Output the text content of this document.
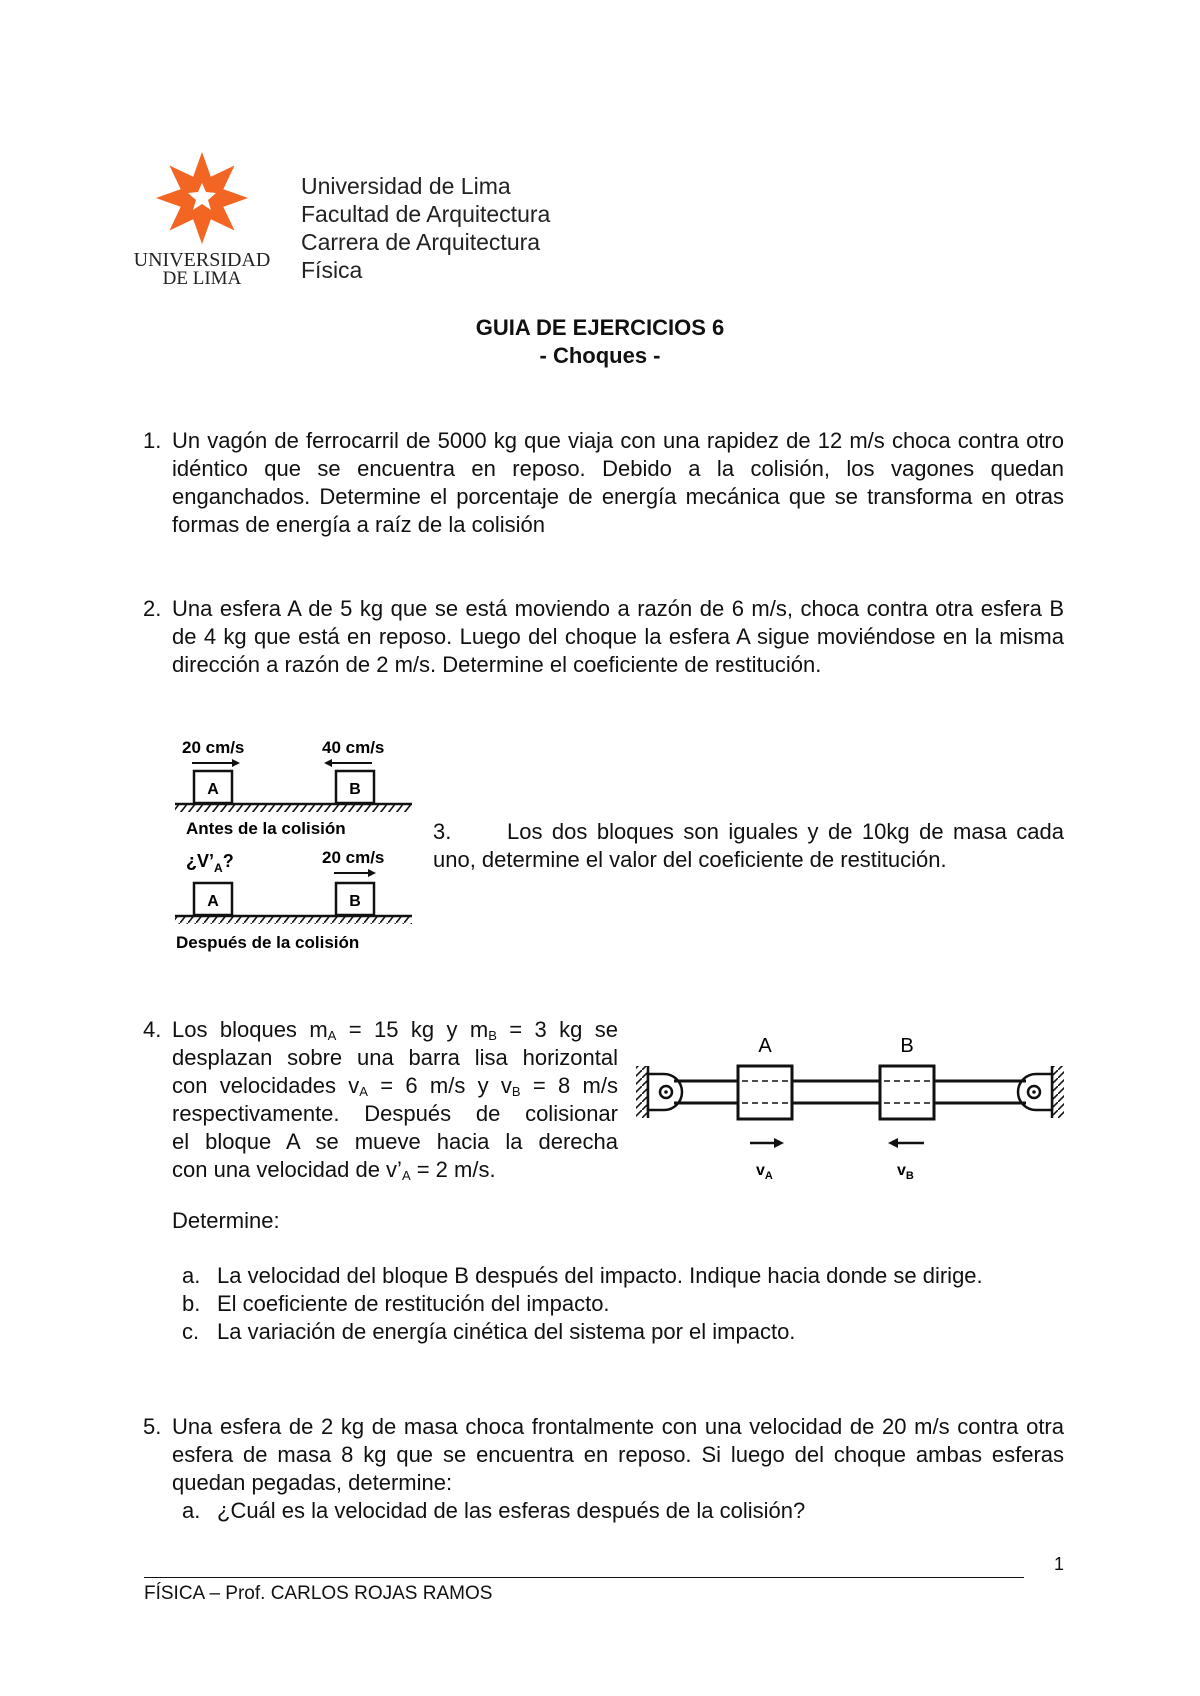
UNIVERSIDAD
DE LIMA
Universidad de Lima
Facultad de Arquitectura
Carrera de Arquitectura
Física
GUIA DE EJERCICIOS 6
- Choques -
1. Un vagón de ferrocarril de 5000 kg que viaja con una rapidez de 12 m/s choca contra otro idéntico que se encuentra en reposo. Debido a la colisión, los vagones quedan enganchados. Determine el porcentaje de energía mecánica que se transforma en otras formas de energía a raíz de la colisión
2. Una esfera A de 5 kg que se está moviendo a razón de 6 m/s, choca contra otra esfera B de 4 kg que está en reposo. Luego del choque la esfera A sigue moviéndose en la misma dirección a razón de 2 m/s. Determine el coeficiente de restitución.
20 cm/s	40 cm/s
A	B
Antes de la colisión
¿$V’_A$?	20 cm/s
A	B
Después de la colisión
3.	Los dos bloques son iguales y de 10kg de masa cada uno, determine el valor del coeficiente de restitución.
4. Los bloques $m_A = 15$ kg y $m_B = 3$ kg se
desplazan sobre una barra lisa horizontal
con velocidades $v_A = 6$ m/s y $v_B = 8$ m/s
respectivamente. Después de colisionar
el bloque A se mueve hacia la derecha
con una velocidad de $v’_A = 2$ m/s.
A	B
$v_A$	$v_B$
Determine:
a. La velocidad del bloque B después del impacto. Indique hacia donde se dirige.
b. El coeficiente de restitución del impacto.
c. La variación de energía cinética del sistema por el impacto.
5. Una esfera de 2 kg de masa choca frontalmente con una velocidad de 20 m/s contra otra esfera de masa 8 kg que se encuentra en reposo. Si luego del choque ambas esferas quedan pegadas, determine:
a. ¿Cuál es la velocidad de las esferas después de la colisión?
1
FÍSICA – Prof. CARLOS ROJAS RAMOS
